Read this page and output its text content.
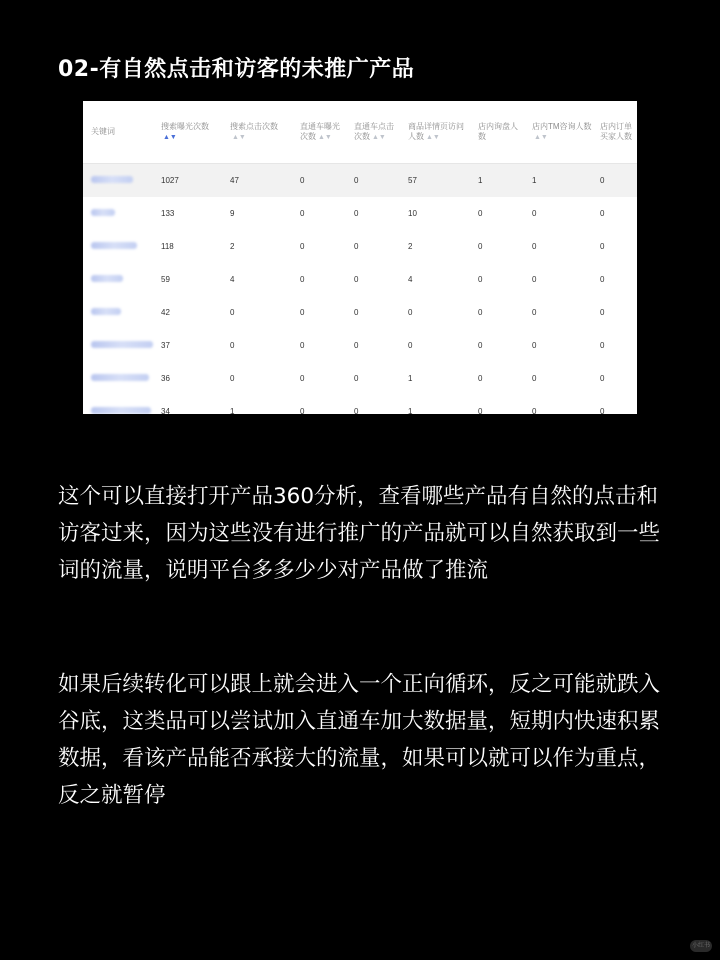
02-有自然点击和访客的未推广产品
关键词	搜索曝光次数▲▼	搜索点击次数▲▼	直通车曝光次数 ▲▼	直通车点击次数 ▲▼	商品详情页访问人数 ▲▼	店内询盘人数	店内TM咨询人数▲▼	店内订单买家人数
	1027	47	0	0	57	1	1	0
	133	9	0	0	10	0	0	0
	118	2	0	0	2	0	0	0
	59	4	0	0	4	0	0	0
	42	0	0	0	0	0	0	0
	37	0	0	0	0	0	0	0
	36	0	0	0	1	0	0	0
	34	1	0	0	1	0	0	0
这个可以直接打开产品360分析，查看哪些产品有自然的点击和访客过来，因为这些没有进行推广的产品就可以自然获取到一些词的流量，说明平台多多少少对产品做了推流
如果后续转化可以跟上就会进入一个正向循环，反之可能就跌入谷底，这类品可以尝试加入直通车加大数据量，短期内快速积累数据，看该产品能否承接大的流量，如果可以就可以作为重点，反之就暂停
小红书
